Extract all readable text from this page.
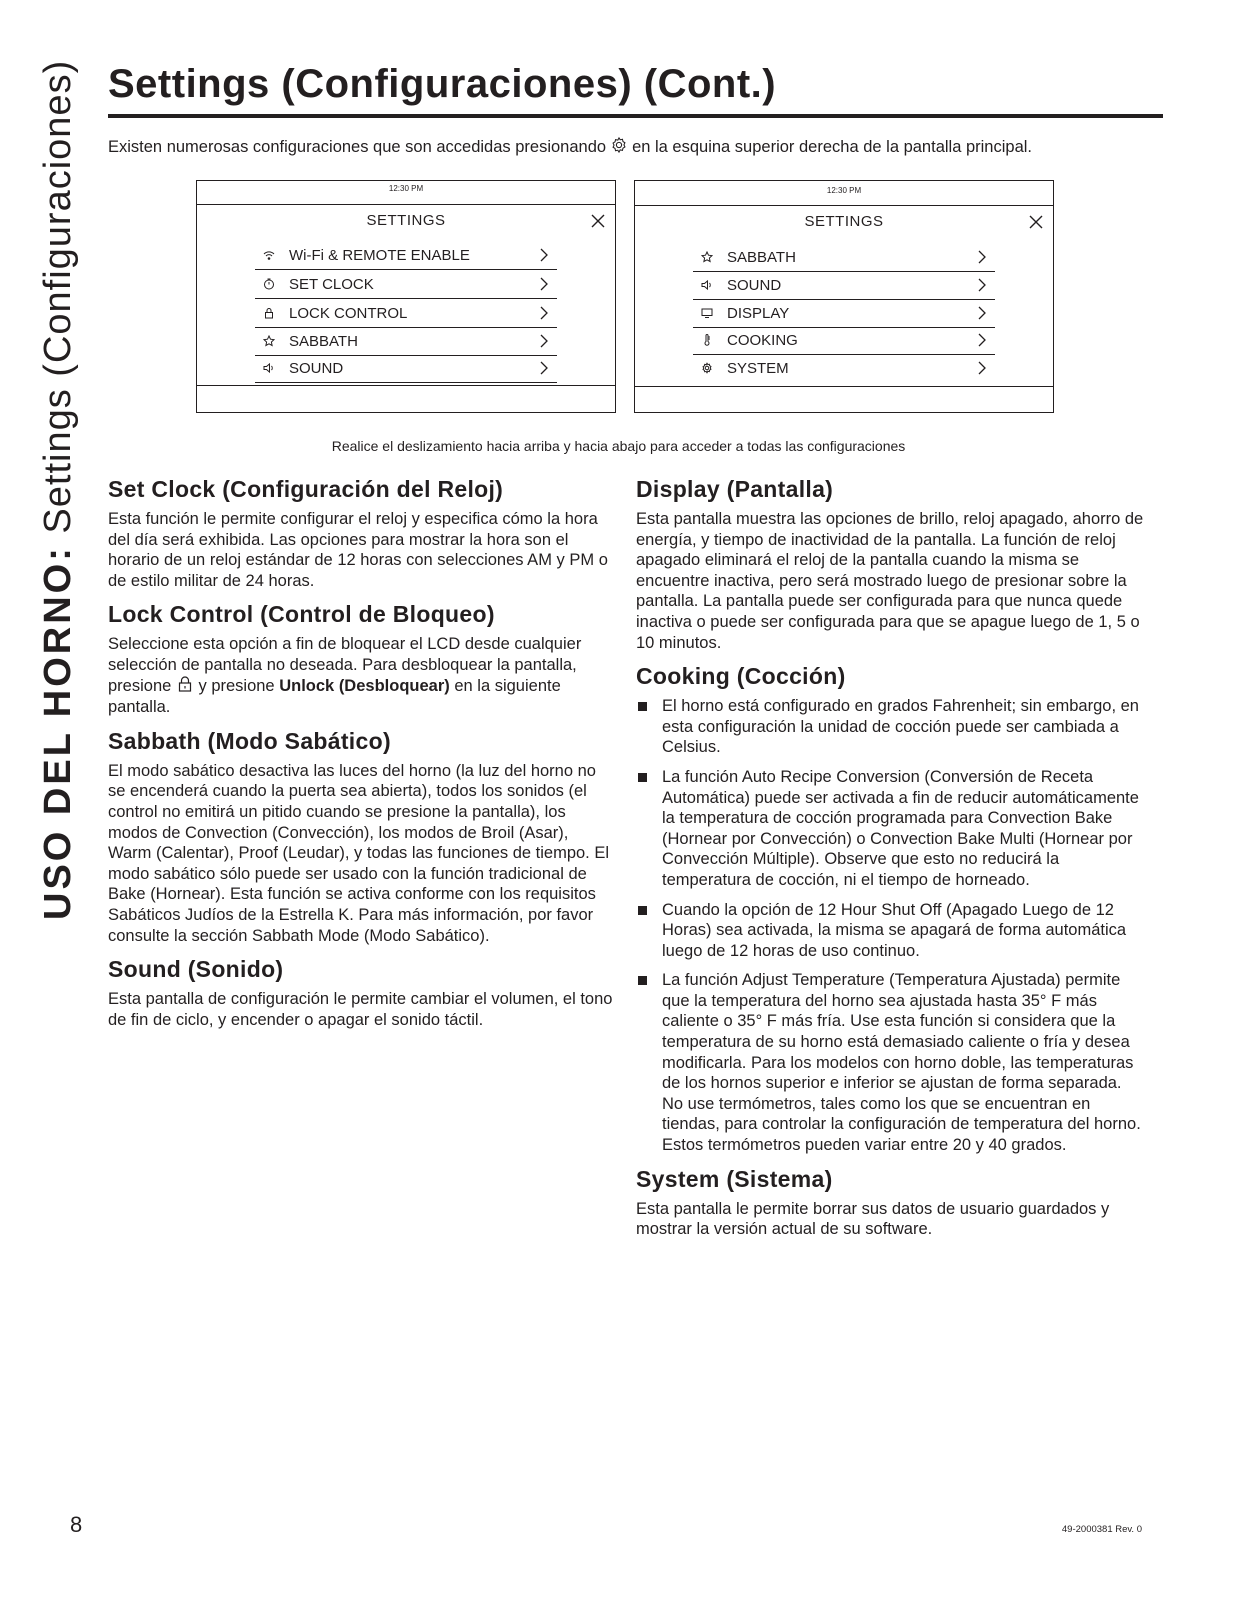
USO DEL HORNO: Settings (Configuraciones) Settings (Configuraciones) (Cont.)
Existen numerosas configuraciones que son accedidas presionando en la esquina superior derecha de la pantalla principal.
12:30 PM
SETTINGS
Wi-Fi & REMOTE ENABLE
SET CLOCK
LOCK CONTROL
SABBATH
SOUND
12:30 PM
SETTINGS
SABBATH
SOUND
DISPLAY
COOKING
SYSTEM
Realice el deslizamiento hacia arriba y hacia abajo para acceder a todas las configuraciones
Set Clock (Configuración del Reloj)

Esta función le permite configurar el reloj y especifica cómo la hora del día será exhibida. Las opciones para mostrar la hora son el horario de un reloj estándar de 12 horas con selecciones AM y PM o de estilo militar de 24 horas.

Lock Control (Control de Bloqueo)

Seleccione esta opción a fin de bloquear el LCD desde cualquier selección de pantalla no deseada. Para desbloquear la pantalla, presione y presione Unlock (Desbloquear) en la siguiente pantalla.

Sabbath (Modo Sabático)

El modo sabático desactiva las luces del horno (la luz del horno no se encenderá cuando la puerta sea abierta), todos los sonidos (el control no emitirá un pitido cuando se presione la pantalla), los modos de Convection (Convección), los modos de Broil (Asar), Warm (Calentar), Proof (Leudar), y todas las funciones de tiempo. El modo sabático sólo puede ser usado con la función tradicional de Bake (Hornear). Esta función se activa conforme con los requisitos Sabáticos Judíos de la Estrella K. Para más información, por favor consulte la sección Sabbath Mode (Modo Sabático).

Sound (Sonido)

Esta pantalla de configuración le permite cambiar el volumen, el tono de fin de ciclo, y encender o apagar el sonido táctil.

Display (Pantalla)

Esta pantalla muestra las opciones de brillo, reloj apagado, ahorro de energía, y tiempo de inactividad de la pantalla. La función de reloj apagado eliminará el reloj de la pantalla cuando la misma se encuentre inactiva, pero será mostrado luego de presionar sobre la pantalla. La pantalla puede ser configurada para que nunca quede inactiva o puede ser configurada para que se apague luego de 1, 5 o 10 minutos.

Cooking (Cocción)
El horno está configurado en grados Fahrenheit; sin embargo, en esta configuración la unidad de cocción puede ser cambiada a Celsius.
La función Auto Recipe Conversion (Conversión de Receta Automática) puede ser activada a fin de reducir automáticamente la temperatura de cocción programada para Convection Bake (Hornear por Convección) o Convection Bake Multi (Hornear por Convección Múltiple). Observe que esto no reducirá la temperatura de cocción, ni el tiempo de horneado.
Cuando la opción de 12 Hour Shut Off (Apagado Luego de 12 Horas) sea activada, la misma se apagará de forma automática luego de 12 horas de uso continuo.
La función Adjust Temperature (Temperatura Ajustada) permite que la temperatura del horno sea ajustada hasta 35° F más caliente o 35° F más fría. Use esta función si considera que la temperatura de su horno está demasiado caliente o fría y desea modificarla. Para los modelos con horno doble, las temperaturas de los hornos superior e inferior se ajustan de forma separada. No use termómetros, tales como los que se encuentran en tiendas, para controlar la configuración de temperatura del horno. Estos termómetros pueden variar entre 20 y 40 grados.
System (Sistema)

Esta pantalla le permite borrar sus datos de usuario guardados y mostrar la versión actual de su software.

8	49-2000381 Rev. 0
